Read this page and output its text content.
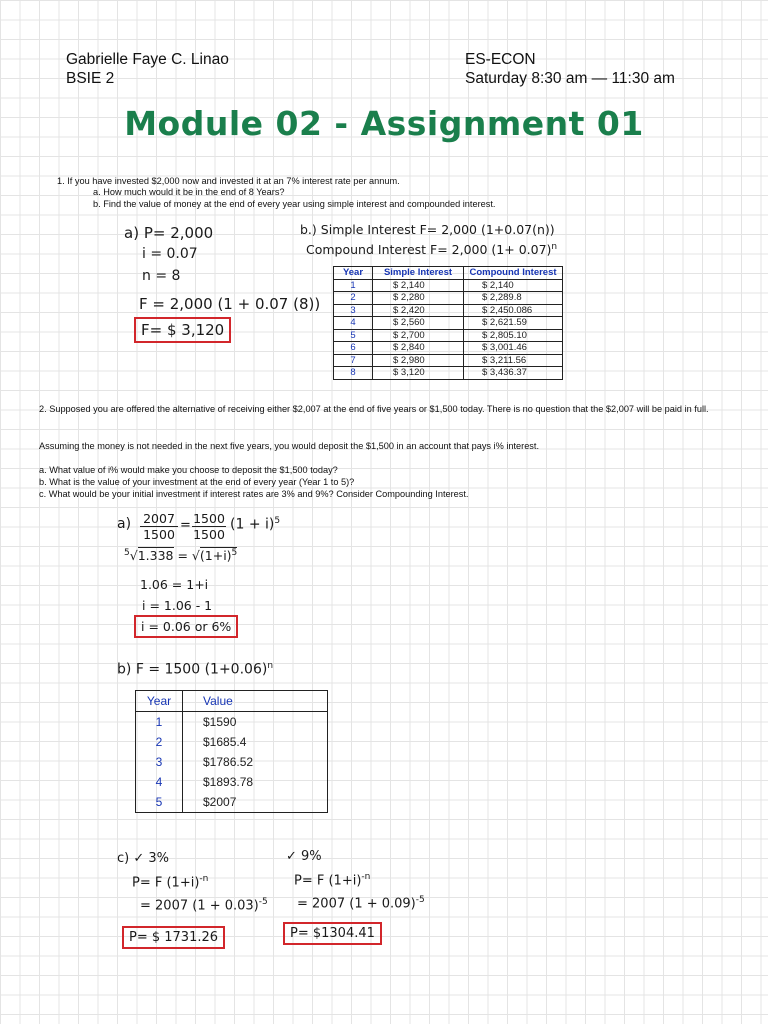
Gabrielle Faye C. Linao
BSIE 2
ES-ECON
Saturday 8:30 am — 11:30 am
Module 02 - Assignment 01
1. If you have invested $2,000 now and invested it at an 7% interest rate per annum.
a. How much would it be in the end of 8 Years?
b. Find the value of money at the end of every year using simple interest and compounded interest.
a) P= 2,000
i = 0.07
n = 8
F = 2,000 (1 + 0.07 (8))
F= $ 3,120
b.) Simple Interest F= 2,000 (1+0.07(n))
Compound Interest F= 2,000 $(1+ 0.07)^n$
Year	Simple Interest	Compound Interest
1	$ 2,140	$ 2,140
2	$ 2,280	$ 2,289.8
3	$ 2,420	$ 2,450.086
4	$ 2,560	$ 2,621.59
5	$ 2,700	$ 2,805.10
6	$ 2,840	$ 3,001.46
7	$ 2,980	$ 3,211.56
8	$ 3,120	$ 3,436.37
2. Supposed you are offered the alternative of receiving either $2,007 at the end of five years or $1,500 today. There is no question that the $2,007 will be paid in full.
Assuming the money is not needed in the next five years, you would deposit the $1,500 in an account that pays i% interest.
a. What value of i% would make you choose to deposit the $1,500 today?
b. What is the value of your investment at the end of every year (Year 1 to 5)?
c. What would be your initial investment if interest rates are 3% and 9%? Consider Compounding Interest.
$a) \frac{2007}{1500} = \frac{1500}{1500} (1 + i)^5$
$^5√1.338 = √(1+i)^5$
1.06 = 1+i
i = 1.06 - 1
i = 0.06 or 6%
b) F = 1500 $(1+0.06)^n$
Year	Value
1	$1590
2	$1685.4
3	$1786.52
4	$1893.78
5	$2007
c) ✓ 3%
P= F $(1+i)^{-n}$
= 2007 $(1 + 0.03)^{-5}$
P= $ 1731.26
✓ 9%
P= F $(1+i)^{-n}$
= 2007 $(1 + 0.09)^{-5}$
P= $1304.41
